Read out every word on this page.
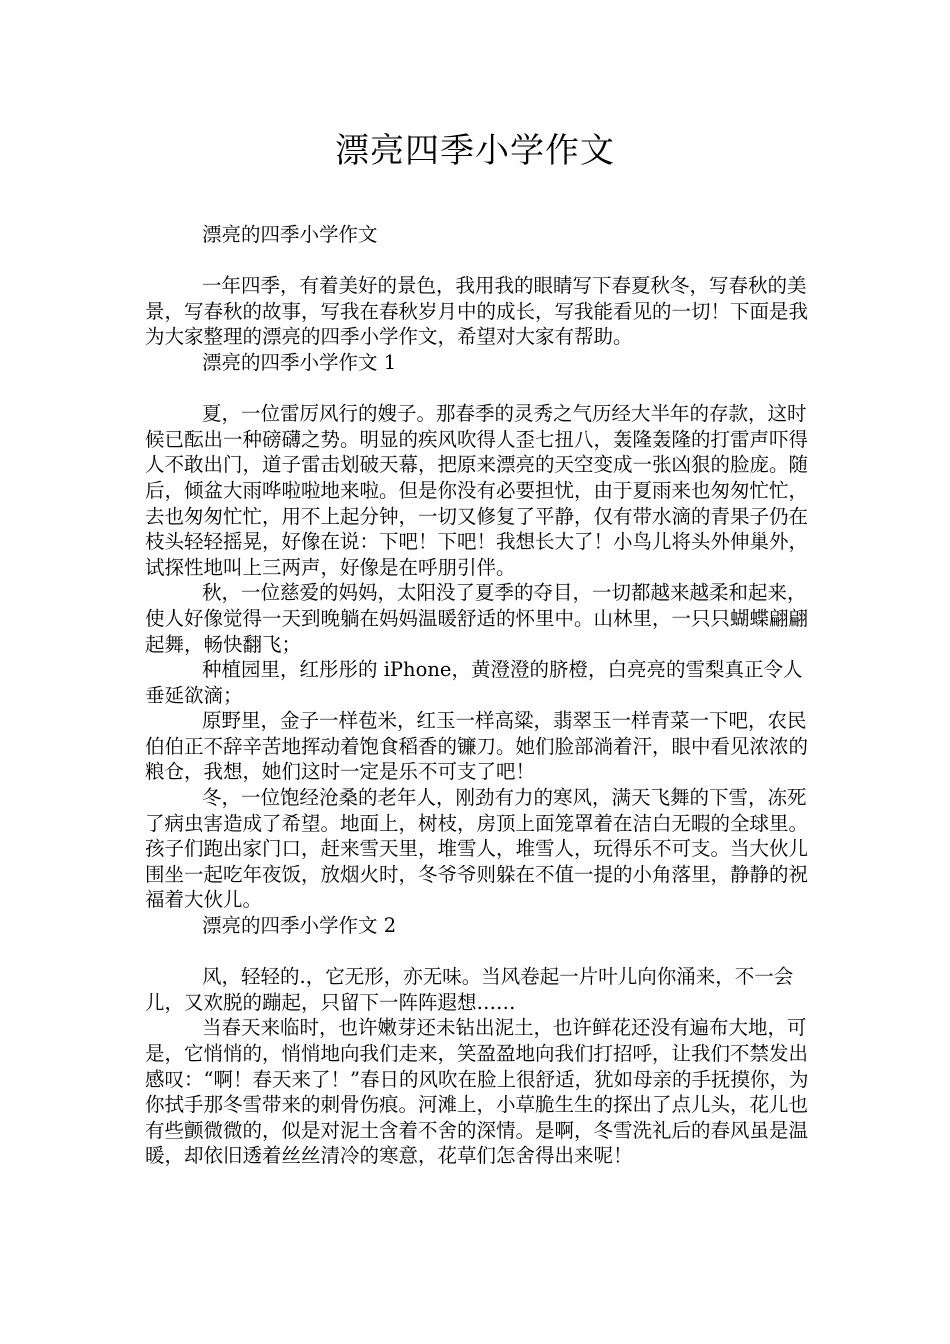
漂亮四季小学作文

漂亮的四季小学作文

一年四季，有着美好的景色，我用我的眼睛写下春夏秋冬，写春秋的美景，写春秋的故事，写我在春秋岁月中的成长，写我能看见的一切！下面是我为大家整理的漂亮的四季小学作文，希望对大家有帮助。

漂亮的四季小学作文 1

夏，一位雷厉风行的嫂子。那春季的灵秀之气历经大半年的存款，这时候已酝出一种磅礴之势。明显的疾风吹得人歪七扭八，轰隆轰隆的打雷声吓得人不敢出门，道子雷击划破天幕，把原来漂亮的天空变成一张凶狠的脸庞。随后，倾盆大雨哗啦啦地来啦。但是你没有必要担忧，由于夏雨来也匆匆忙忙，去也匆匆忙忙，用不上起分钟，一切又修复了平静，仅有带水滴的青果子仍在枝头轻轻摇晃，好像在说：下吧！下吧！我想长大了！小鸟儿将头外伸巢外，试探性地叫上三两声，好像是在呼朋引伴。

秋，一位慈爱的妈妈，太阳没了夏季的夺目，一切都越来越柔和起来，使人好像觉得一天到晚躺在妈妈温暖舒适的怀里中。山林里，一只只蝴蝶翩翩起舞，畅快翻飞；

种植园里，红彤彤的 iPhone，黄澄澄的脐橙，白亮亮的雪梨真正令人垂延欲滴；

原野里，金子一样苞米，红玉一样高粱，翡翠玉一样青菜一下吧，农民伯伯正不辞辛苦地挥动着饱食稻香的镰刀。她们脸部淌着汗，眼中看见浓浓的粮仓，我想，她们这时一定是乐不可支了吧！

冬，一位饱经沧桑的老年人，刚劲有力的寒风，满天飞舞的下雪，冻死了病虫害造成了希望。地面上，树枝，房顶上面笼罩着在洁白无暇的全球里。孩子们跑出家门口，赶来雪天里，堆雪人，堆雪人，玩得乐不可支。当大伙儿围坐一起吃年夜饭，放烟火时，冬爷爷则躲在不值一提的小角落里，静静的祝福着大伙儿。

漂亮的四季小学作文 2

风，轻轻的.，它无形，亦无味。当风卷起一片叶儿向你涌来，不一会儿，又欢脱的蹦起，只留下一阵阵遐想……

当春天来临时，也许嫩芽还未钻出泥土，也许鲜花还没有遍布大地，可是，它悄悄的，悄悄地向我们走来，笑盈盈地向我们打招呼，让我们不禁发出感叹：“啊！春天来了！”春日的风吹在脸上很舒适，犹如母亲的手抚摸你，为你拭手那冬雪带来的刺骨伤痕。河滩上，小草脆生生的探出了点儿头，花儿也有些颤微微的，似是对泥土含着不舍的深情。是啊，冬雪洗礼后的春风虽是温暖，却依旧透着丝丝清冷的寒意，花草们怎舍得出来呢！
